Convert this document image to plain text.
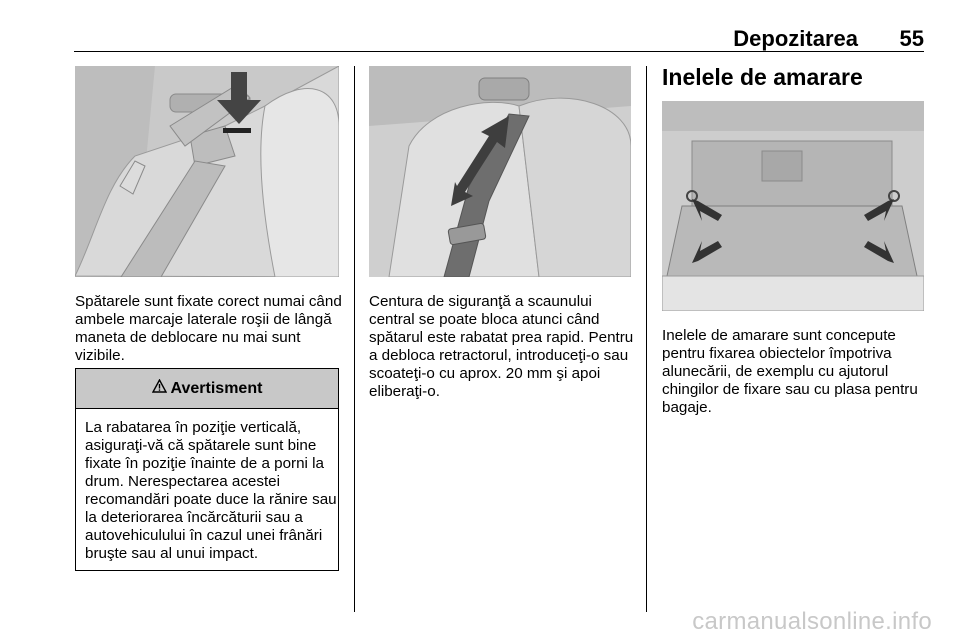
Depozitarea 55
Spătarele sunt fixate corect numai când ambele marcaje laterale roşii de lângă maneta de deblocare nu mai sunt vizibile.
Avertisment
La rabatarea în poziţie verticală, asiguraţi-vă că spătarele sunt bine fixate în poziţie înainte de a porni la drum. Nerespectarea acestei recomandări poate duce la rănire sau la deteriorarea încărcăturii sau a autovehiculului în cazul unei frânări bruşte sau al unui impact.
Centura de siguranţă a scaunului central se poate bloca atunci când spătarul este rabatat prea rapid. Pentru a debloca retractorul, introduceţi-o sau scoateţi-o cu aprox. 20 mm şi apoi eliberaţi-o.
Inelele de amarare
Inelele de amarare sunt concepute pentru fixarea obiectelor împotriva alunecării, de exemplu cu ajutorul chingilor de fixare sau cu plasa pentru bagaje.
carmanualsonline.info
